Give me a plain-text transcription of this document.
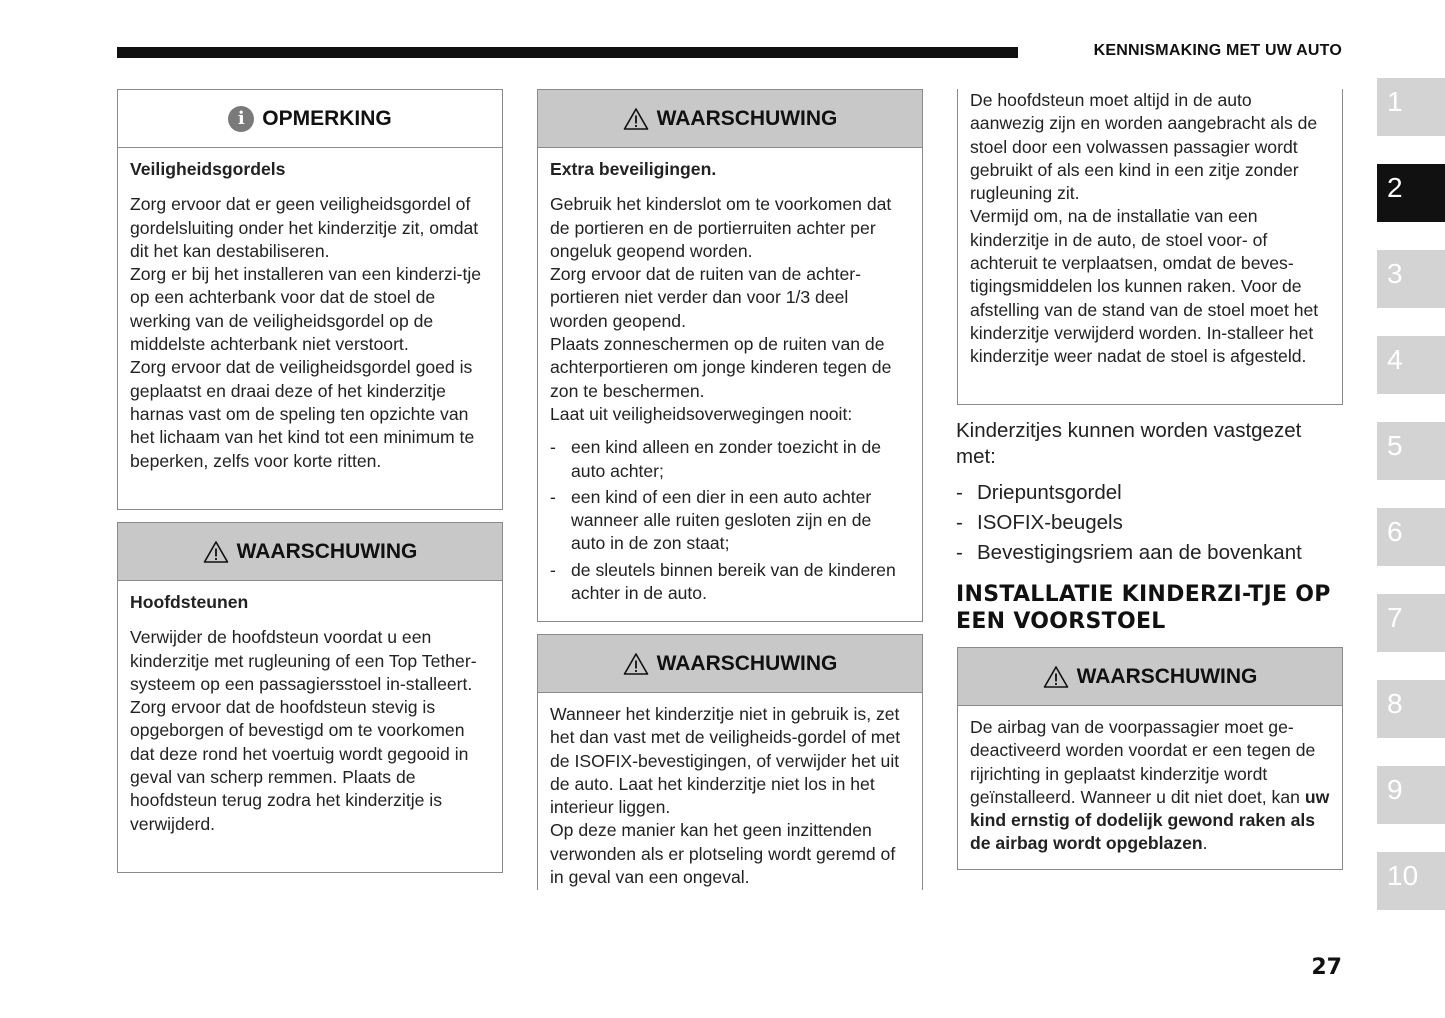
KENNISMAKING MET UW AUTO
i OPMERKING

Veiligheidsgordels

Zorg ervoor dat er geen veiligheidsgordel of gordelsluiting onder het kinderzitje zit, omdat dit het kan destabiliseren.

Zorg er bij het installeren van een kinderzi-tje op een achterbank voor dat de stoel de werking van de veiligheidsgordel op de middelste achterbank niet verstoort.

Zorg ervoor dat de veiligheidsgordel goed is geplaatst en draai deze of het kinderzitje harnas vast om de speling ten opzichte van het lichaam van het kind tot een minimum te beperken, zelfs voor korte ritten.

WAARSCHUWING

Hoofdsteunen

Verwijder de hoofdsteun voordat u een kinderzitje met rugleuning of een Top Tether-systeem op een passagiersstoel in-stalleert.

Zorg ervoor dat de hoofdsteun stevig is opgeborgen of bevestigd om te voorkomen dat deze rond het voertuig wordt gegooid in geval van scherp remmen. Plaats de hoofdsteun terug zodra het kinderzitje is verwijderd.

WAARSCHUWING

Extra beveiligingen.

Gebruik het kinderslot om te voorkomen dat de portieren en de portierruiten achter per ongeluk geopend worden.

Zorg ervoor dat de ruiten van de achter-portieren niet verder dan voor 1/3 deel worden geopend.

Plaats zonneschermen op de ruiten van de achterportieren om jonge kinderen tegen de zon te beschermen.

Laat uit veiligheidsoverwegingen nooit:

- een kind alleen en zonder toezicht in de auto achter;
- een kind of een dier in een auto achter wanneer alle ruiten gesloten zijn en de auto in de zon staat;
- de sleutels binnen bereik van de kinderen achter in de auto.
WAARSCHUWING

Wanneer het kinderzitje niet in gebruik is, zet het dan vast met de veiligheids-gordel of met de ISOFIX-bevestigingen, of verwijder het uit de auto. Laat het kinderzitje niet los in het interieur liggen.

Op deze manier kan het geen inzittenden verwonden als er plotseling wordt geremd of in geval van een ongeval.

De hoofdsteun moet altijd in de auto aanwezig zijn en worden aangebracht als de stoel door een volwassen passagier wordt gebruikt of als een kind in een zitje zonder rugleuning zit.

Vermijd om, na de installatie van een kinderzitje in de auto, de stoel voor- of achteruit te verplaatsen, omdat de beves-tigingsmiddelen los kunnen raken. Voor de afstelling van de stand van de stoel moet het kinderzitje verwijderd worden. In-stalleer het kinderzitje weer nadat de stoel is afgesteld.

Kinderzitjes kunnen worden vastgezet met:

- Driepuntsgordel
- ISOFIX-beugels
- Bevestigingsriem aan de bovenkant
INSTALLATIE KINDERZI-TJE OP EEN VOORSTOEL
WAARSCHUWING

De airbag van de voorpassagier moet ge-deactiveerd worden voordat er een tegen de rijrichting in geplaatst kinderzitje wordt geïnstalleerd. Wanneer u dit niet doet, kan uw kind ernstig of dodelijk gewond raken als de airbag wordt opgeblazen.

1
2
3
4
5
6
7
8
9
10
27
